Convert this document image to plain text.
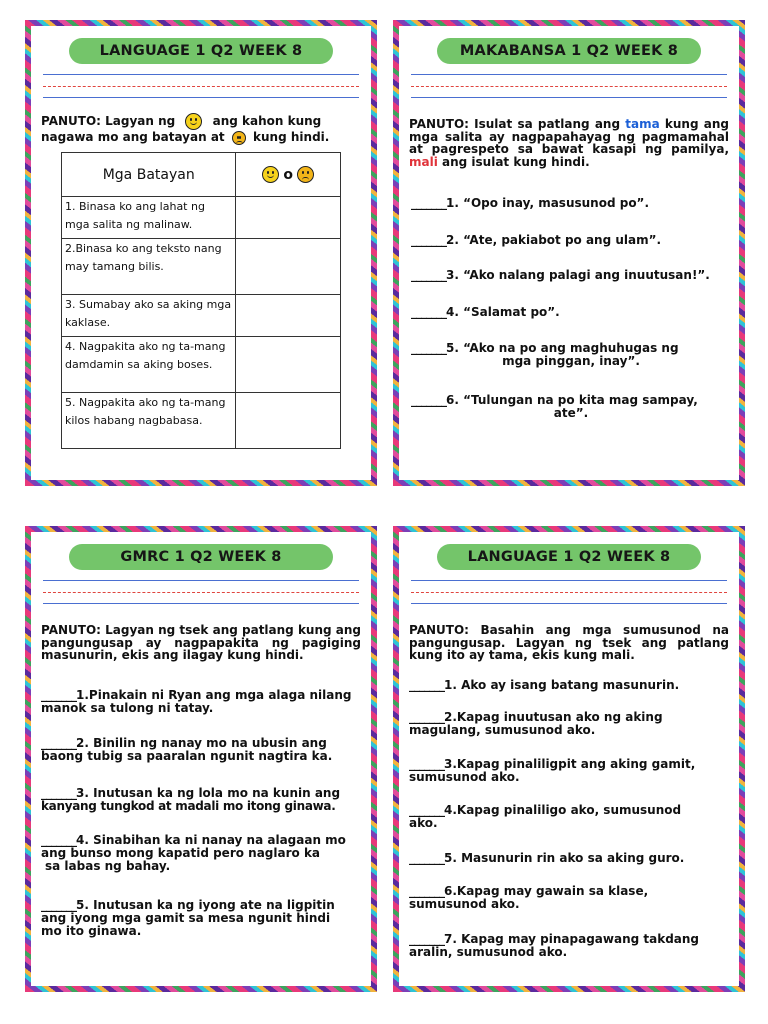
LANGUAGE 1 Q2 WEEK 8
PANUTO: Lagyan ng	ang kahon kung
nagawa mo ang batayan at kung hindi.
Mga Batayan	o

1. Binasa ko ang lahat ng mga salita ng malinaw.	
2.Binasa ko ang teksto nang may tamang bilis.	
3. Sumabay ako sa aking mga kaklase.	
4. Nagpakita ako ng ta-mang damdamin sa aking boses.	
5. Nagpakita ako ng ta-mang kilos habang nagbabasa.	
MAKABANSA 1 Q2 WEEK 8
PANUTO: Isulat sa patlang ang tama kung ang mga salita ay nagpapahayag ng pagmamahal at pagrespeto sa bawat kasapi ng pamilya, mali ang isulat kung hindi.
_______ 1. “Opo inay, masusunod po”.
_______ 2. “Ate, pakiabot po ang ulam”.
_______ 3. “Ako nalang palagi ang inuutusan!”.
_______ 4. “Salamat po”.
_______ 5. “Ako na po ang maghuhugas ng
mga pinggan, inay”.
_______ 6. “Tulungan na po kita mag sampay,
ate”.
GMRC 1 Q2 WEEK 8
PANUTO: Lagyan ng tsek ang patlang kung ang pangungusap ay nagpapakita ng pagiging masunurin, ekis ang ilagay kung hindi.
_______ 1.Pinakain ni Ryan ang mga alaga nilang
manok sa tulong ni tatay.
_______ 2. Binilin ng nanay mo na ubusin ang
baong tubig sa paaralan ngunit nagtira ka.
_______ 3. Inutusan ka ng lola mo na kunin ang
kanyang tungkod at madali mo itong ginawa.
_______ 4. Sinabihan ka ni nanay na alagaan mo
ang bunso mong kapatid pero naglaro ka
sa labas ng bahay.
_______ 5. Inutusan ka ng iyong ate na ligpitin
ang iyong mga gamit sa mesa ngunit hindi
mo ito ginawa.
LANGUAGE 1 Q2 WEEK 8
PANUTO: Basahin ang mga sumusunod na pangungusap. Lagyan ng tsek ang patlang kung ito ay tama, ekis kung mali.
_______ 1. Ako ay isang batang masunurin.
_______ 2.Kapag inuutusan ako ng aking
magulang, sumusunod ako.
_______ 3.Kapag pinaliligpit ang aking gamit,
sumusunod ako.
_______ 4.Kapag pinaliligo ako, sumusunod
ako.
_______ 5. Masunurin rin ako sa aking guro.
_______ 6.Kapag may gawain sa klase,
sumusunod ako.
_______ 7. Kapag may pinapagawang takdang
aralin, sumusunod ako.
